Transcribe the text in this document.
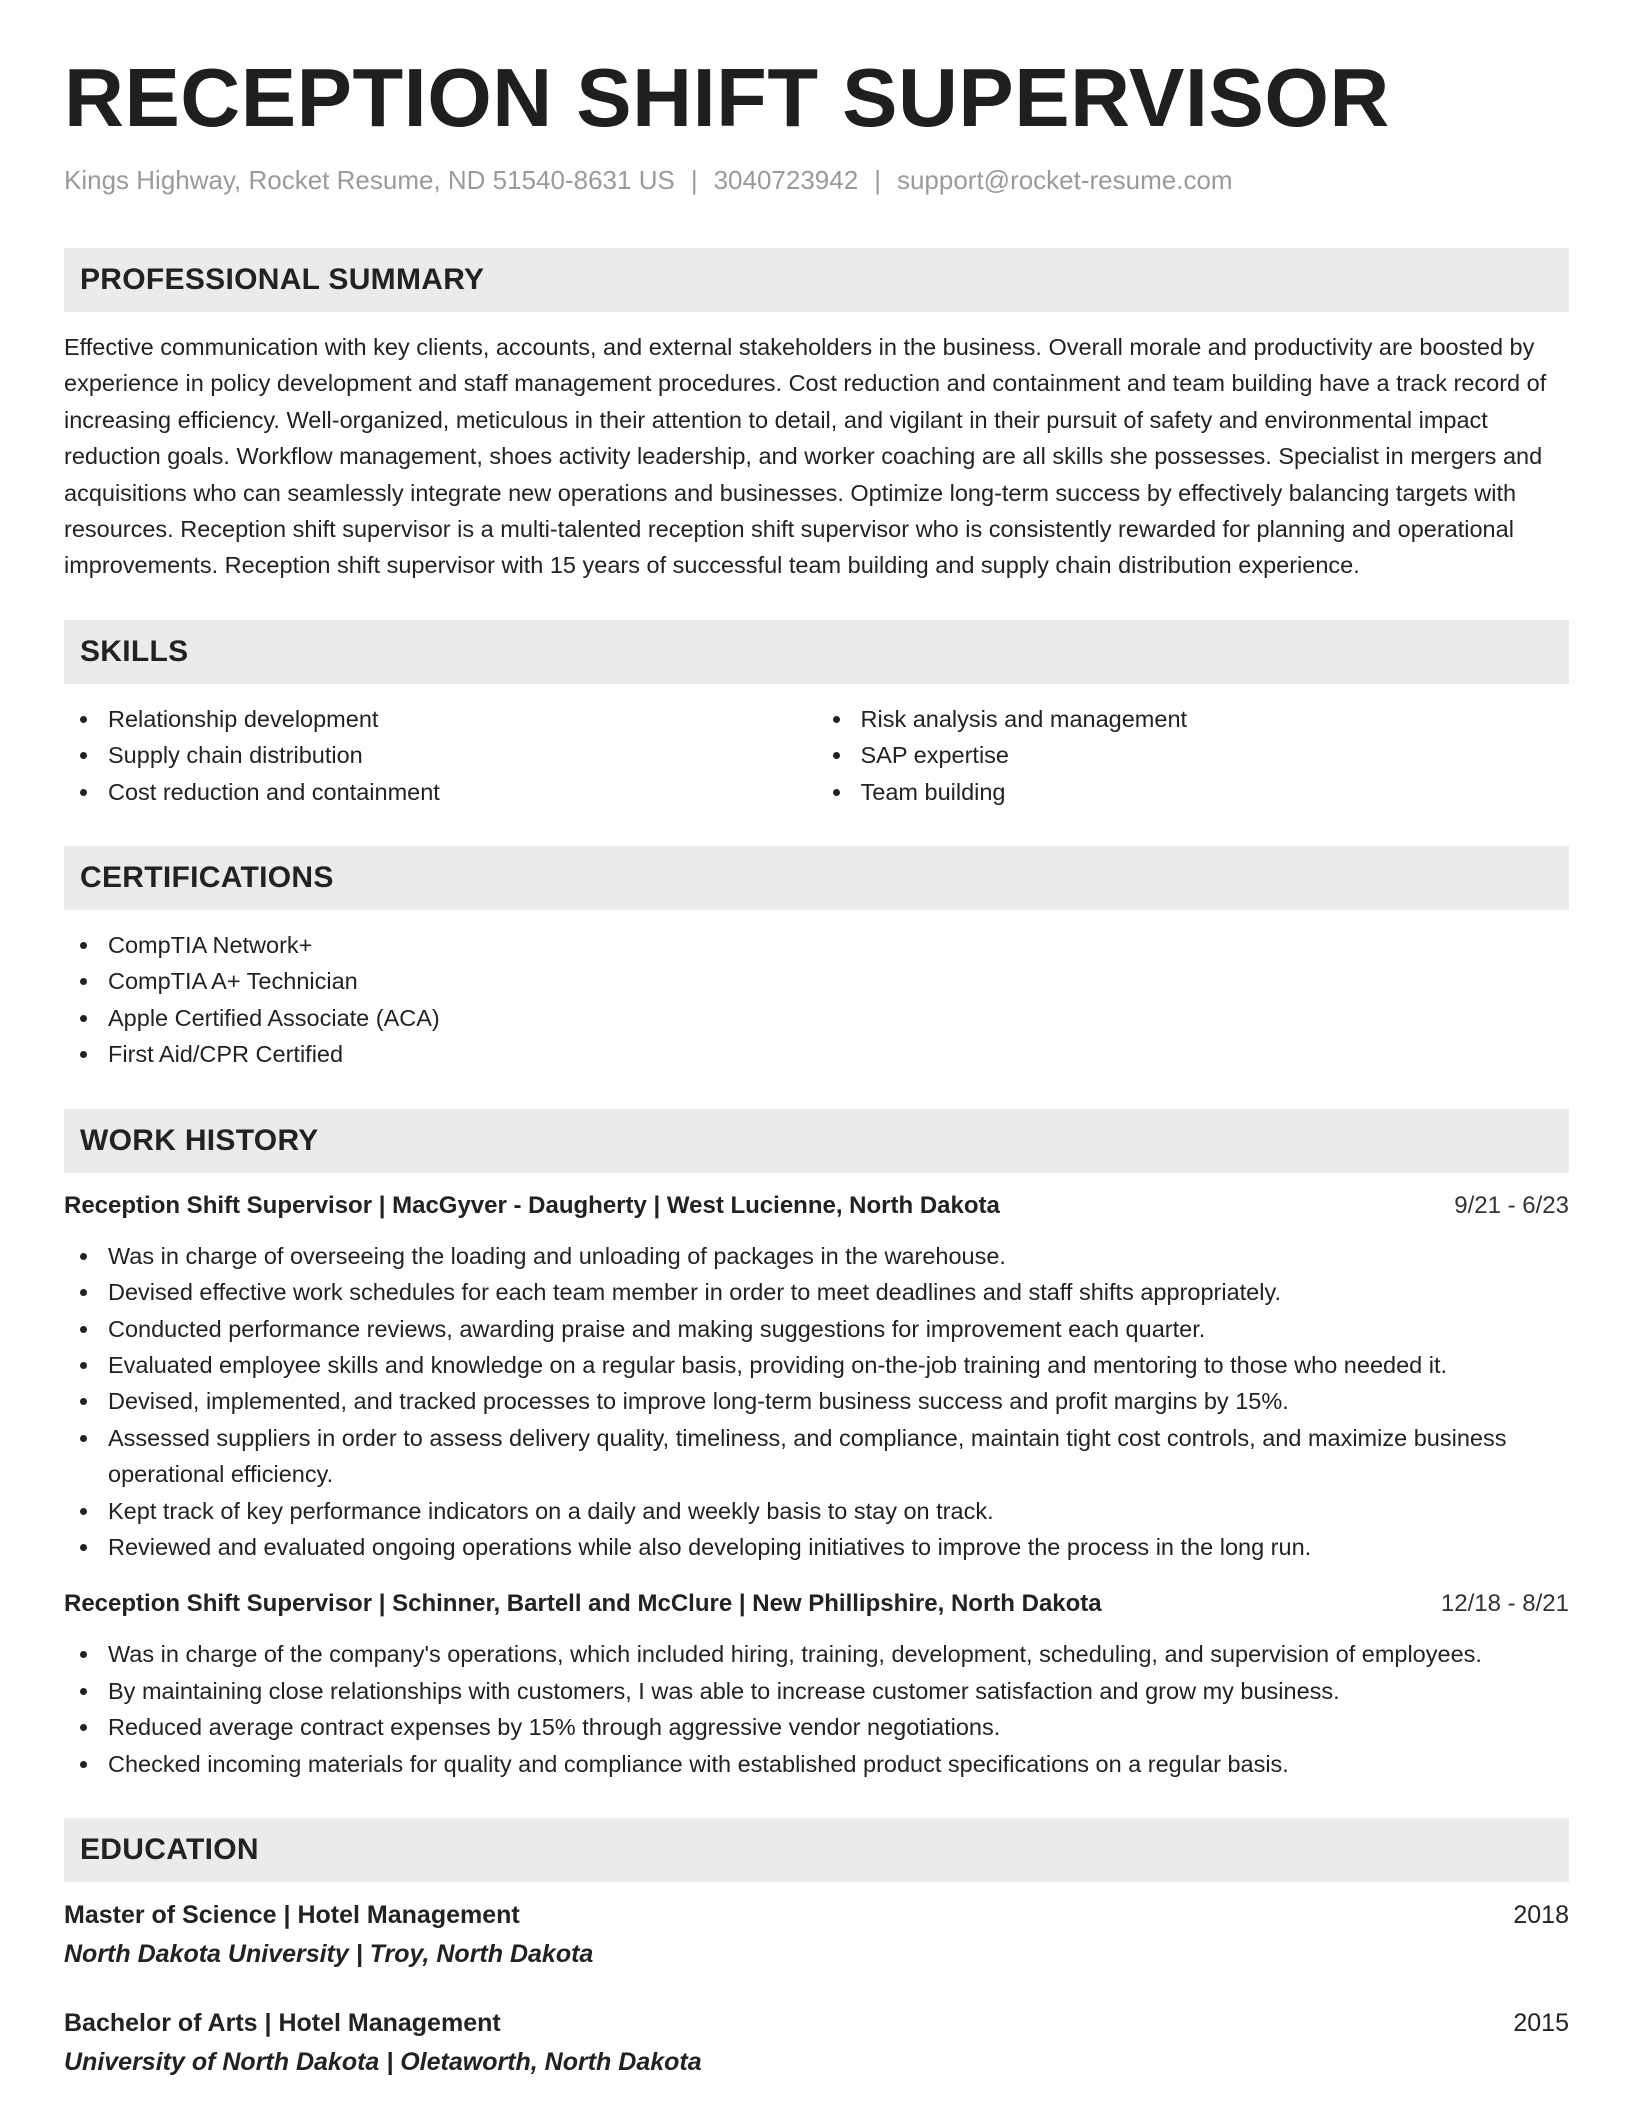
RECEPTION SHIFT SUPERVISOR
Kings Highway, Rocket Resume, ND 51540-8631 US | 3040723942 | support@rocket-resume.com
PROFESSIONAL SUMMARY
Effective communication with key clients, accounts, and external stakeholders in the business. Overall morale and productivity are boosted by experience in policy development and staff management procedures. Cost reduction and containment and team building have a track record of increasing efficiency. Well-organized, meticulous in their attention to detail, and vigilant in their pursuit of safety and environmental impact reduction goals. Workflow management, shoes activity leadership, and worker coaching are all skills she possesses. Specialist in mergers and acquisitions who can seamlessly integrate new operations and businesses. Optimize long-term success by effectively balancing targets with resources. Reception shift supervisor is a multi-talented reception shift supervisor who is consistently rewarded for planning and operational improvements. Reception shift supervisor with 15 years of successful team building and supply chain distribution experience.
SKILLS
Relationship development
Supply chain distribution
Cost reduction and containment
Risk analysis and management
SAP expertise
Team building
CERTIFICATIONS
CompTIA Network+
CompTIA A+ Technician
Apple Certified Associate (ACA)
First Aid/CPR Certified
WORK HISTORY
Reception Shift Supervisor | MacGyver - Daugherty | West Lucienne, North Dakota	9/21 - 6/23
Was in charge of overseeing the loading and unloading of packages in the warehouse.
Devised effective work schedules for each team member in order to meet deadlines and staff shifts appropriately.
Conducted performance reviews, awarding praise and making suggestions for improvement each quarter.
Evaluated employee skills and knowledge on a regular basis, providing on-the-job training and mentoring to those who needed it.
Devised, implemented, and tracked processes to improve long-term business success and profit margins by 15%.
Assessed suppliers in order to assess delivery quality, timeliness, and compliance, maintain tight cost controls, and maximize business operational efficiency.
Kept track of key performance indicators on a daily and weekly basis to stay on track.
Reviewed and evaluated ongoing operations while also developing initiatives to improve the process in the long run.
Reception Shift Supervisor | Schinner, Bartell and McClure | New Phillipshire, North Dakota	12/18 - 8/21
Was in charge of the company's operations, which included hiring, training, development, scheduling, and supervision of employees.
By maintaining close relationships with customers, I was able to increase customer satisfaction and grow my business.
Reduced average contract expenses by 15% through aggressive vendor negotiations.
Checked incoming materials for quality and compliance with established product specifications on a regular basis.
EDUCATION
Master of Science | Hotel Management	2018
North Dakota University | Troy, North Dakota
Bachelor of Arts | Hotel Management	2015
University of North Dakota | Oletaworth, North Dakota
